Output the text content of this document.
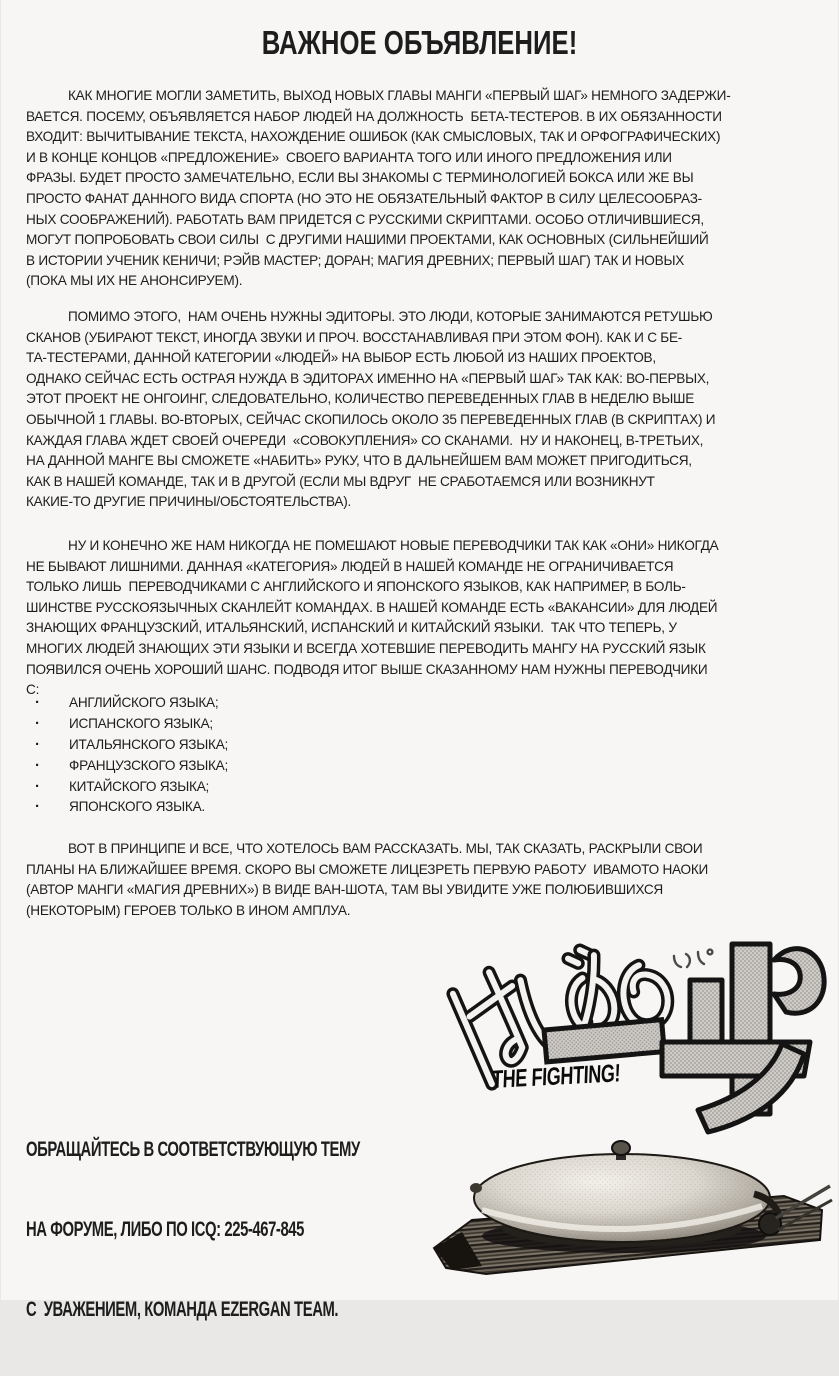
ВАЖНОЕ ОБЪЯВЛЕНИЕ!
КАК МНОГИЕ МОГЛИ ЗАМЕТИТЬ, ВЫХОД НОВЫХ ГЛАВЫ МАНГИ «ПЕРВЫЙ ШАГ» НЕМНОГО ЗАДЕРЖИ-
ВАЕТСЯ. ПОСЕМУ, ОБЪЯВЛЯЕТСЯ НАБОР ЛЮДЕЙ НА ДОЛЖНОСТЬ  БЕТА-ТЕСТЕРОВ. В ИХ ОБЯЗАННОСТИ
ВХОДИТ: ВЫЧИТЫВАНИЕ ТЕКСТА, НАХОЖДЕНИЕ ОШИБОК (КАК СМЫСЛОВЫХ, ТАК И ОРФОГРАФИЧЕСКИХ)
И В КОНЦЕ КОНЦОВ «ПРЕДЛОЖЕНИЕ»  СВОЕГО ВАРИАНТА ТОГО ИЛИ ИНОГО ПРЕДЛОЖЕНИЯ ИЛИ
ФРАЗЫ. БУДЕТ ПРОСТО ЗАМЕЧАТЕЛЬНО, ЕСЛИ ВЫ ЗНАКОМЫ С ТЕРМИНОЛОГИЕЙ БОКСА ИЛИ ЖЕ ВЫ
ПРОСТО ФАНАТ ДАННОГО ВИДА СПОРТА (НО ЭТО НЕ ОБЯЗАТЕЛЬНЫЙ ФАКТОР В СИЛУ ЦЕЛЕСООБРАЗ-
НЫХ СООБРАЖЕНИЙ). РАБОТАТЬ ВАМ ПРИДЕТСЯ С РУССКИМИ СКРИПТАМИ. ОСОБО ОТЛИЧИВШИЕСЯ,
МОГУТ ПОПРОБОВАТЬ СВОИ СИЛЫ  С ДРУГИМИ НАШИМИ ПРОЕКТАМИ, КАК ОСНОВНЫХ (СИЛЬНЕЙШИЙ
В ИСТОРИИ УЧЕНИК КЕНИЧИ; РЭЙВ МАСТЕР; ДОРАН; МАГИЯ ДРЕВНИХ; ПЕРВЫЙ ШАГ) ТАК И НОВЫХ
(ПОКА МЫ ИХ НЕ АНОНСИРУЕМ).
ПОМИМО ЭТОГО,  НАМ ОЧЕНЬ НУЖНЫ ЭДИТОРЫ. ЭТО ЛЮДИ, КОТОРЫЕ ЗАНИМАЮТСЯ РЕТУШЬЮ
СКАНОВ (УБИРАЮТ ТЕКСТ, ИНОГДА ЗВУКИ И ПРОЧ. ВОССТАНАВЛИВАЯ ПРИ ЭТОМ ФОН). КАК И С БЕ-
ТА-ТЕСТЕРАМИ, ДАННОЙ КАТЕГОРИИ «ЛЮДЕЙ» НА ВЫБОР ЕСТЬ ЛЮБОЙ ИЗ НАШИХ ПРОЕКТОВ,
ОДНАКО СЕЙЧАС ЕСТЬ ОСТРАЯ НУЖДА В ЭДИТОРАХ ИМЕННО НА «ПЕРВЫЙ ШАГ» ТАК КАК: ВО-ПЕРВЫХ,
ЭТОТ ПРОЕКТ НЕ ОНГОИНГ, СЛЕДОВАТЕЛЬНО, КОЛИЧЕСТВО ПЕРЕВЕДЕННЫХ ГЛАВ В НЕДЕЛЮ ВЫШЕ
ОБЫЧНОЙ 1 ГЛАВЫ. ВО-ВТОРЫХ, СЕЙЧАС СКОПИЛОСЬ ОКОЛО 35 ПЕРЕВЕДЕННЫХ ГЛАВ (В СКРИПТАХ) И
КАЖДАЯ ГЛАВА ЖДЕТ СВОЕЙ ОЧЕРЕДИ  «СОВОКУПЛЕНИЯ» СО СКАНАМИ.  НУ И НАКОНЕЦ, В-ТРЕТЬИХ,
НА ДАННОЙ МАНГЕ ВЫ СМОЖЕТЕ «НАБИТЬ» РУКУ, ЧТО В ДАЛЬНЕЙШЕМ ВАМ МОЖЕТ ПРИГОДИТЬСЯ,
КАК В НАШЕЙ КОМАНДЕ, ТАК И В ДРУГОЙ (ЕСЛИ МЫ ВДРУГ  НЕ СРАБОТАЕМСЯ ИЛИ ВОЗНИКНУТ
КАКИЕ-ТО ДРУГИЕ ПРИЧИНЫ/ОБСТОЯТЕЛЬСТВА).
НУ И КОНЕЧНО ЖЕ НАМ НИКОГДА НЕ ПОМЕШАЮТ НОВЫЕ ПЕРЕВОДЧИКИ ТАК КАК «ОНИ» НИКОГДА
НЕ БЫВАЮТ ЛИШНИМИ. ДАННАЯ «КАТЕГОРИЯ» ЛЮДЕЙ В НАШЕЙ КОМАНДЕ НЕ ОГРАНИЧИВАЕТСЯ
ТОЛЬКО ЛИШЬ  ПЕРЕВОДЧИКАМИ С АНГЛИЙСКОГО И ЯПОНСКОГО ЯЗЫКОВ, КАК НАПРИМЕР, В БОЛЬ-
ШИНСТВЕ РУССКОЯЗЫЧНЫХ СКАНЛЕЙТ КОМАНДАХ. В НАШЕЙ КОМАНДЕ ЕСТЬ «ВАКАНСИИ» ДЛЯ ЛЮДЕЙ
ЗНАЮЩИХ ФРАНЦУЗСКИЙ, ИТАЛЬЯНСКИЙ, ИСПАНСКИЙ И КИТАЙСКИЙ ЯЗЫКИ.  ТАК ЧТО ТЕПЕРЬ, У
МНОГИХ ЛЮДЕЙ ЗНАЮЩИХ ЭТИ ЯЗЫКИ И ВСЕГДА ХОТЕВШИЕ ПЕРЕВОДИТЬ МАНГУ НА РУССКИЙ ЯЗЫК
ПОЯВИЛСЯ ОЧЕНЬ ХОРОШИЙ ШАНС. ПОДВОДЯ ИТОГ ВЫШЕ СКАЗАННОМУ НАМ НУЖНЫ ПЕРЕВОДЧИКИ
С:
·	АНГЛИЙСКОГО ЯЗЫКА;
·	ИСПАНСКОГО ЯЗЫКА;
·	ИТАЛЬЯНСКОГО ЯЗЫКА;
·	ФРАНЦУЗСКОГО ЯЗЫКА;
·	КИТАЙСКОГО ЯЗЫКА;
·	ЯПОНСКОГО ЯЗЫКА.
ВОТ В ПРИНЦИПЕ И ВСЕ, ЧТО ХОТЕЛОСЬ ВАМ РАССКАЗАТЬ. МЫ, ТАК СКАЗАТЬ, РАСКРЫЛИ СВОИ
ПЛАНЫ НА БЛИЖАЙШЕЕ ВРЕМЯ. СКОРО ВЫ СМОЖЕТЕ ЛИЦЕЗРЕТЬ ПЕРВУЮ РАБОТУ  ИВАМОТО НАОКИ
(АВТОР МАНГИ «МАГИЯ ДРЕВНИХ») В ВИДЕ ВАН-ШОТА, ТАМ ВЫ УВИДИТЕ УЖЕ ПОЛЮБИВШИХСЯ
(НЕКОТОРЫМ) ГЕРОЕВ ТОЛЬКО В ИНОМ АМПЛУА.
THE FIGHTING!

ОБРАЩАЙТЕСЬ В СООТВЕТСТВУЮЩУЮ ТЕМУ

НА ФОРУМЕ, ЛИБО ПО ICQ: 225-467-845

С  УВАЖЕНИЕМ, КОМАНДА EZERGAN TEAM.
